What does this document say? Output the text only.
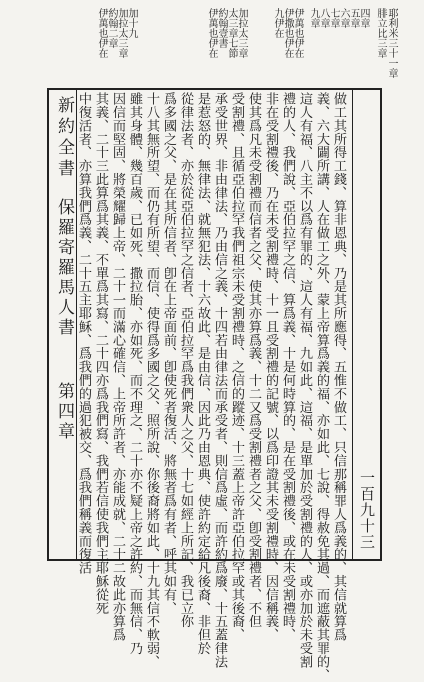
耶利米三十一章
腓立比三章
四章
五章
六章
七章
八章
九章
伊萬也伊在
伊撒也伊在
九伊在
加拉太三章
太三章七節
約翰壹書
伊萬也伊在
加十九
加拉太三章
約翰二章
伊萬也伊在
新約全書
保羅寄羅馬人書
第四章
一百九十三
做工其所得工錢、算非恩典、乃是其所應得、五惟不做工、只信那稱罪人爲義的、其信就算爲
義、六大闢所講、人在做工之外、蒙上帝算爲義的福、亦如此、七說、得赦免其過、而遮蔽其罪的、
這人有福、八主不以爲有罪的、這人有福、九如此、這福、是單加於受割禮的人、或亦加於未受割
禮的人、我們說、亞伯拉罕之信、算爲義、十是何時算的、是在受割禮後、或在未受割禮時、
非在受割禮後、乃在未受割禮時、十一且受割禮的記號、以爲印證其未受割禮時、因信稱義、
使其爲凡未受割禮而信者之父、使其亦算爲義、十二又爲受割禮者之父、卽受割禮者、不但
受割禮、且循亞伯拉罕我們祖宗未受割禮時、之信的蹤迹、十三蓋上帝許亞伯拉罕或其後裔、
承受世界、非由律法、乃由信之義、十四若由律法而承受者、則信爲虛、而許約爲廢、十五蓋律法
是惹怒的、無律法、就無犯法、十六故此、是由信、因此乃由恩典、使許約定給凡後裔、非但於
從律法者、亦於從亞伯拉罕之信者、亞伯拉罕爲我們衆人之父、十七如經上所記、我已立你
爲多國之父、是在其所信者、卽在上帝面前、卽使死者復活、將無者爲有者、呼其如有、
十八其無所望、而仍有所望、而信、使得爲多國之父、照所說、你後裔將如此、十九其信不軟弱、
雖其身體、幾百歲、已如死、撒拉胎、亦如死、而不理之、二十亦不疑上帝之許約、而無信、乃
因信而堅固、將榮耀歸上帝、二十一而滿心確信、上帝所許者、亦能成就、二十二故此亦算爲
其義、二十三此算爲其義、不單爲其寫、二十四亦爲我們寫、我們若信使我們主耶穌從死
中復活者、亦算我們爲義、二十五主耶穌、爲我們的過犯被交、爲我們稱義而復活
